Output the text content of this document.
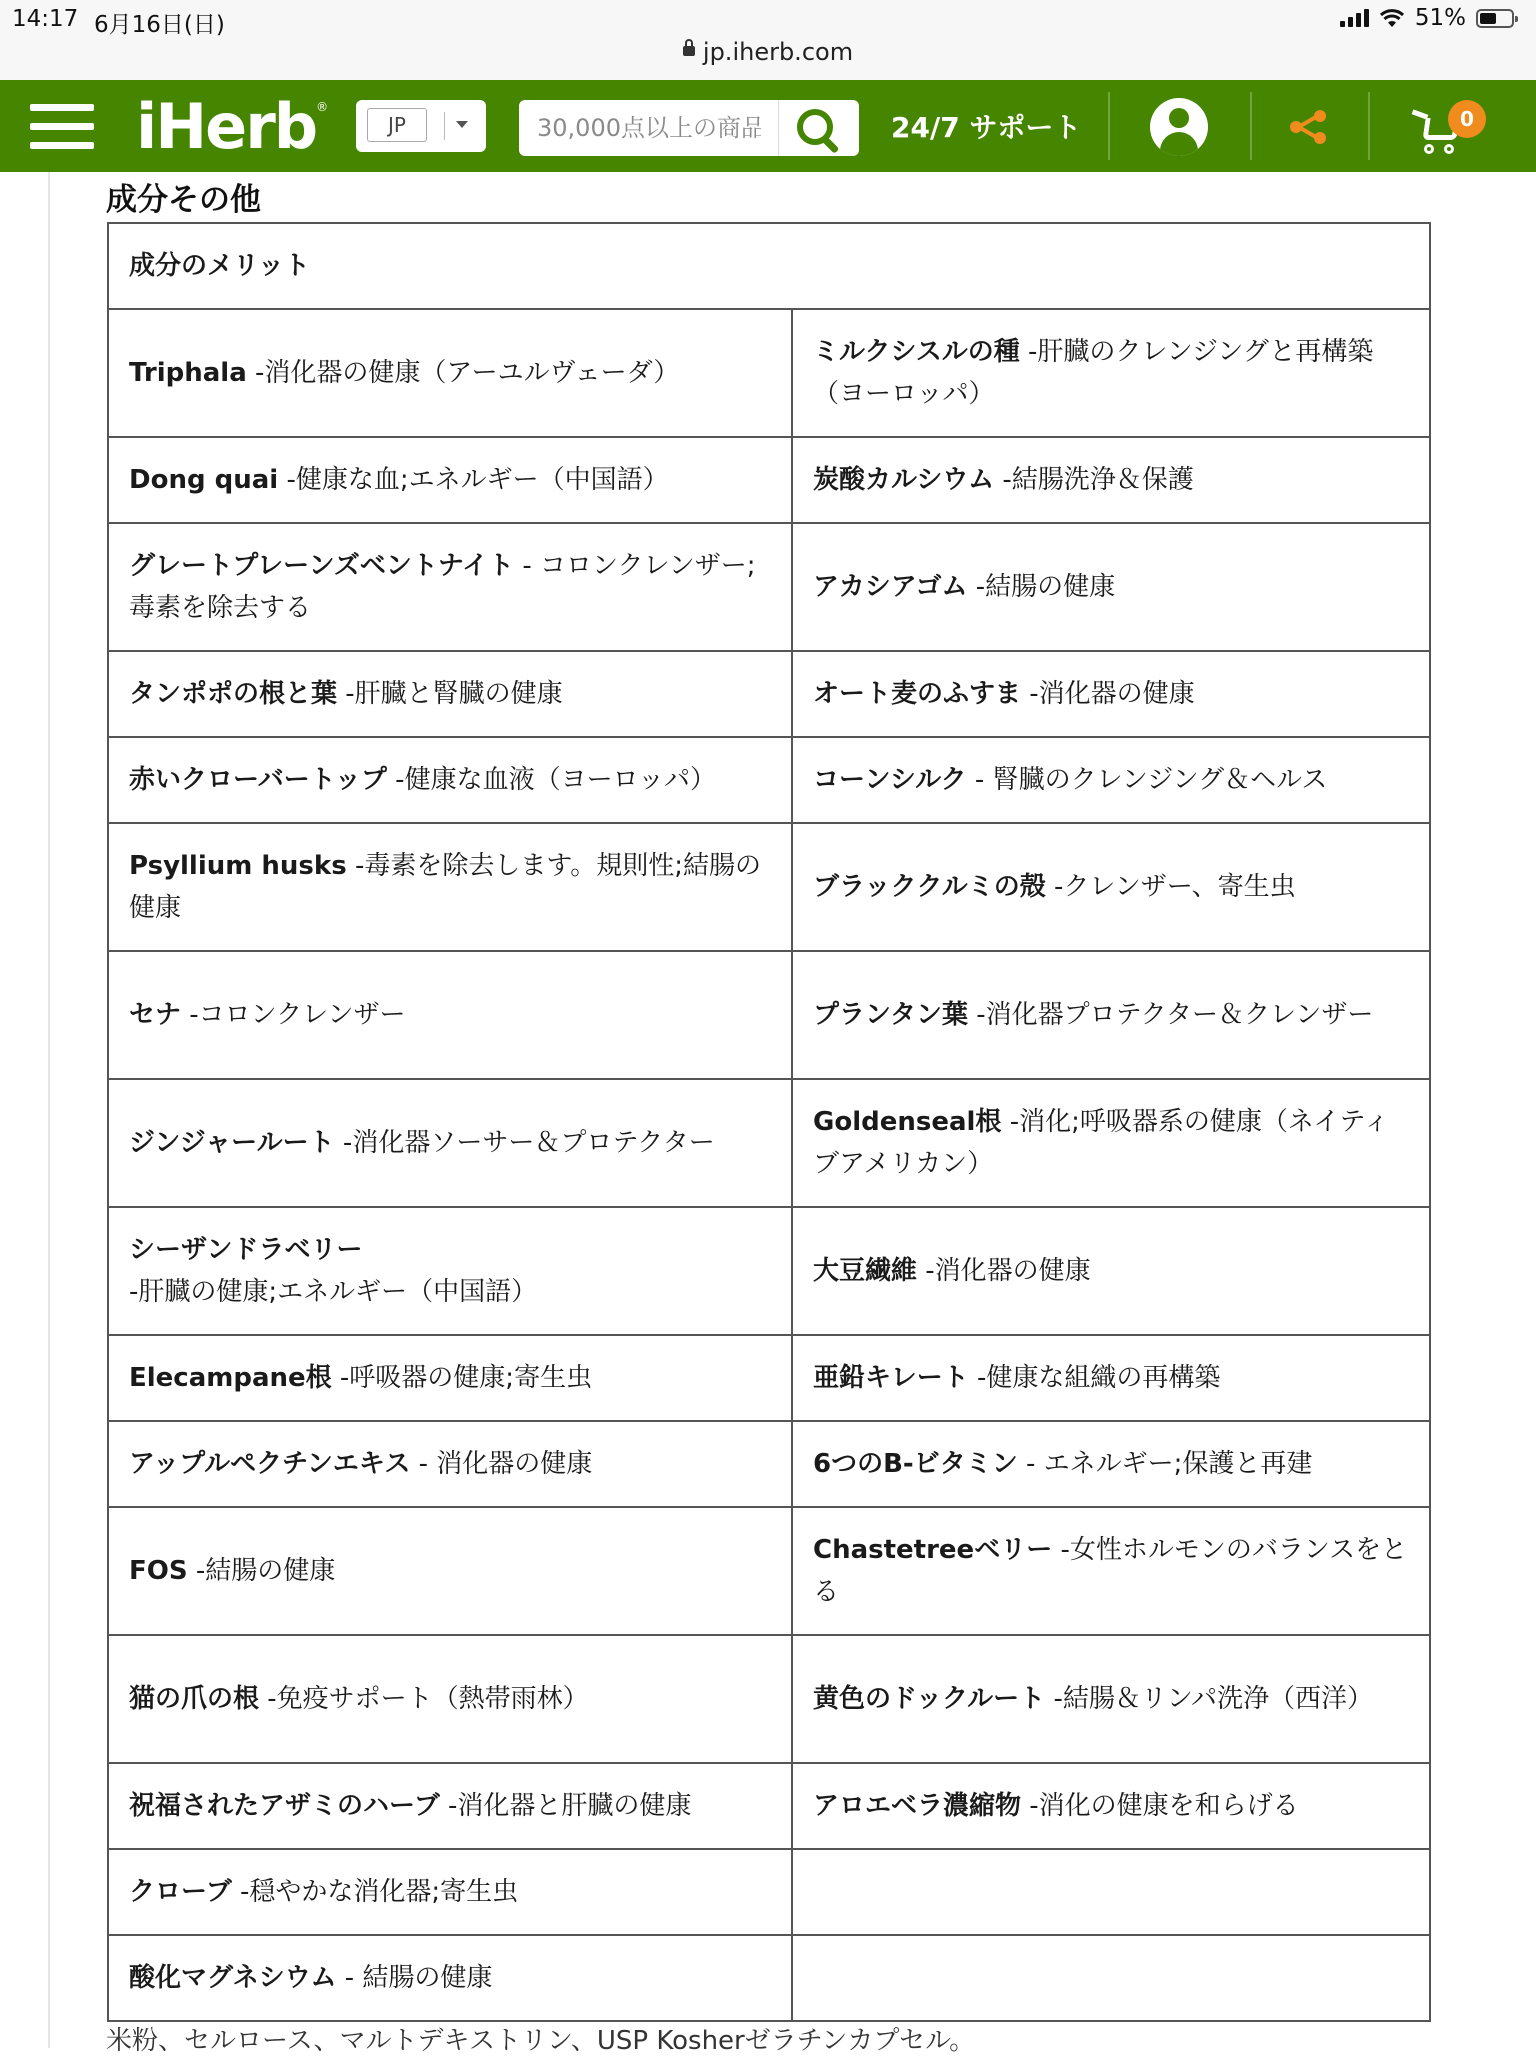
14:17 6月16日(日)	51%
jp.iherb.com
iHerb®
JP
30,000点以上の商品	24/7 サポート	0
成分その他
成分のメリット	
Triphala -消化器の健康（アーユルヴェーダ）	ミルクシスルの種 -肝臓のクレンジングと再構築（ヨーロッパ）
Dong quai -健康な血;エネルギー（中国語）	炭酸カルシウム -結腸洗浄＆保護
グレートプレーンズベントナイト - コロンクレンザー;毒素を除去する	アカシアゴム -結腸の健康
タンポポの根と葉 -肝臓と腎臓の健康	オート麦のふすま -消化器の健康
赤いクローバートップ -健康な血液（ヨーロッパ）	コーンシルク - 腎臓のクレンジング＆ヘルス
Psyllium husks -毒素を除去します。規則性;結腸の健康	ブラッククルミの殻 -クレンザー、寄生虫
セナ -コロンクレンザー	プランタン葉 -消化器プロテクター＆クレンザー
ジンジャールート -消化器ソーサー＆プロテクター	Goldenseal根 -消化;呼吸器系の健康（ネイティブアメリカン）
シーザンドラベリー -肝臓の健康;エネルギー（中国語）	大豆繊維 -消化器の健康
Elecampane根 -呼吸器の健康;寄生虫	亜鉛キレート -健康な組織の再構築
アップルペクチンエキス - 消化器の健康	6つのB-ビタミン - エネルギー;保護と再建
FOS -結腸の健康	Chastetreeベリー -女性ホルモンのバランスをとる
猫の爪の根 -免疫サポート（熱帯雨林）	黄色のドックルート -結腸＆リンパ洗浄（西洋）
祝福されたアザミのハーブ -消化器と肝臓の健康	アロエベラ濃縮物 -消化の健康を和らげる
クローブ -穏やかな消化器;寄生虫	
酸化マグネシウム - 結腸の健康	
米粉、セルロース、マルトデキストリン、USP Kosherゼラチンカプセル。
